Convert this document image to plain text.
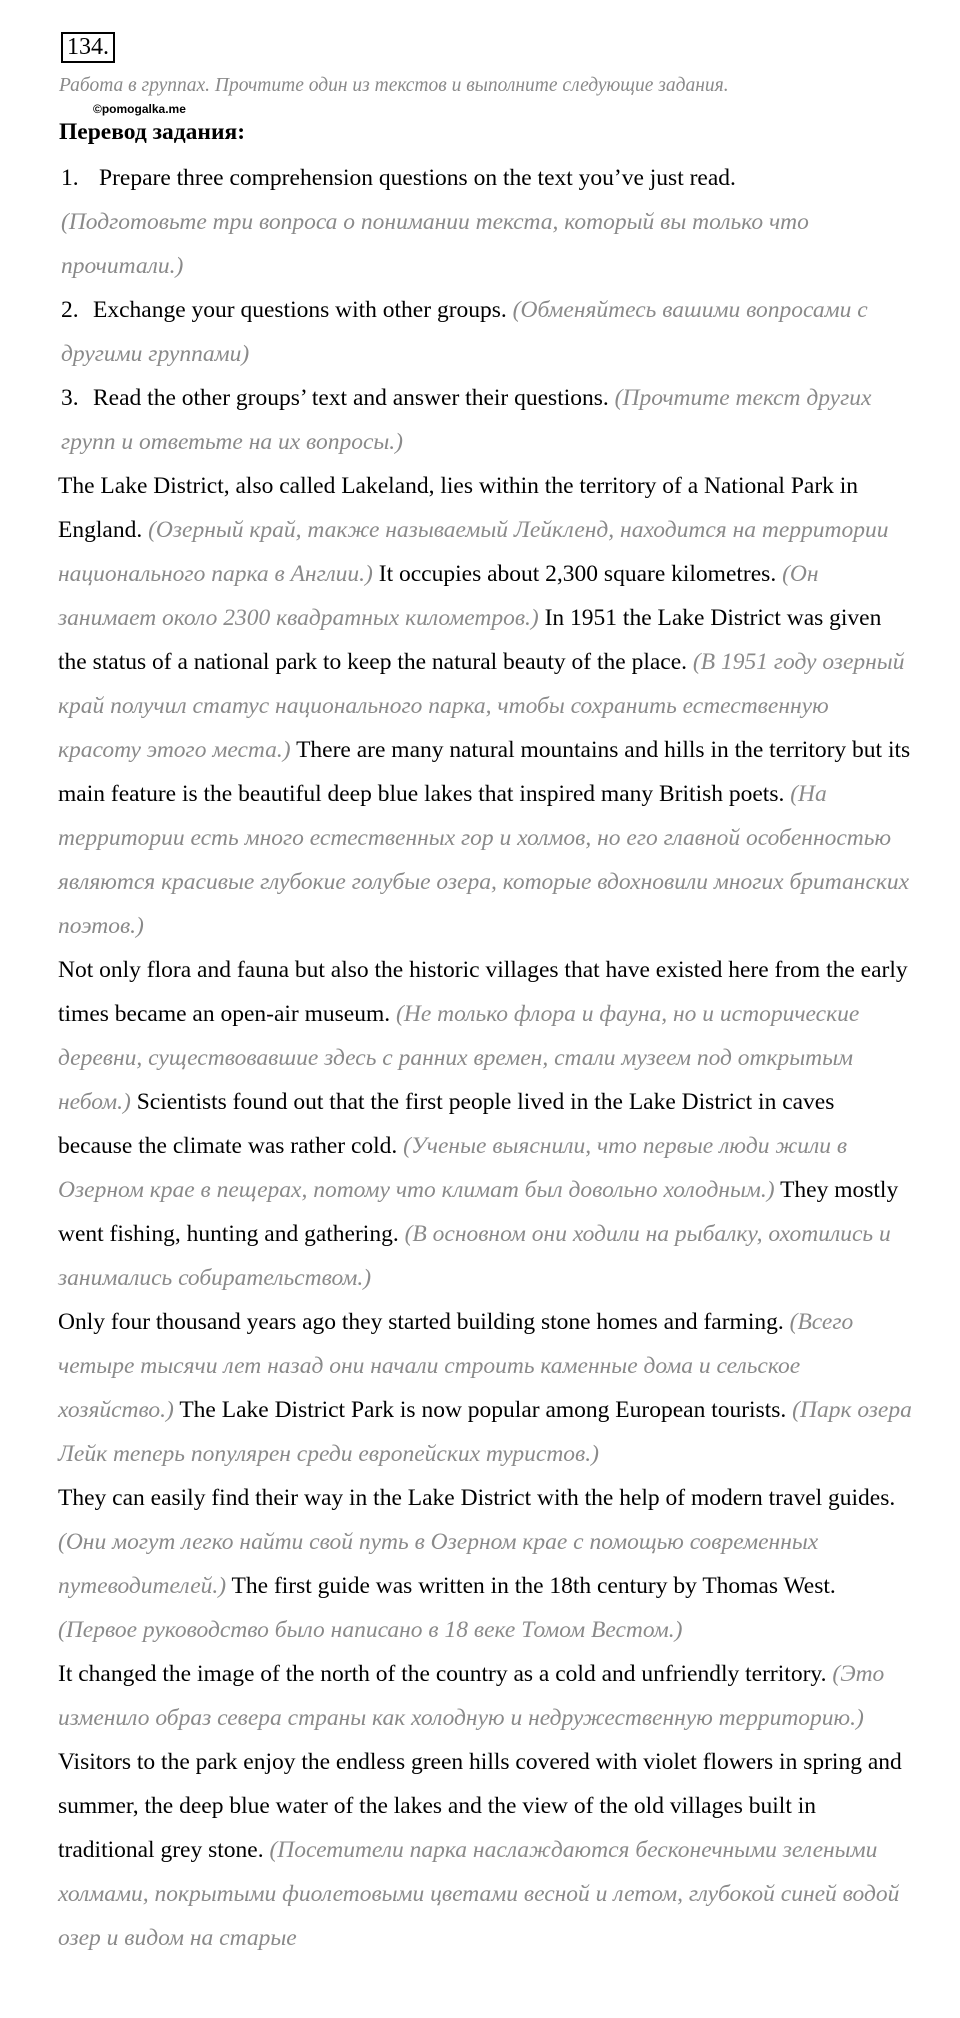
134.
Работа в группах. Прочтите один из текстов и выполните следующие задания.
©pomogalka.me
Перевод задания:

1. Prepare three comprehension questions on the text you’ve just read.
(Подготовьте три вопроса о понимании текста, который вы только что прочитали.)

2. Exchange your questions with other groups. (Обменяйтесь вашими вопросами с другими группами)

3. Read the other groups’ text and answer their questions. (Прочтите текст других групп и ответьте на их вопросы.)

The Lake District, also called Lakeland, lies within the territory of a National Park in England. (Озерный край, также называемый Лейкленд, находится на территории национального парка в Англии.) It occupies about 2,300 square kilometres. (Он занимает около 2300 квадратных километров.) In 1951 the Lake District was given the status of a national park to keep the natural beauty of the place. (В 1951 году озерный край получил статус национального парка, чтобы сохранить естественную красоту этого места.) There are many natural mountains and hills in the territory but its main feature is the beautiful deep blue lakes that inspired many British poets. (На территории есть много естественных гор и холмов, но его главной особенностью являются красивые глубокие голубые озера, которые вдохновили многих британских поэтов.)

Not only flora and fauna but also the historic villages that have existed here from the early times became an open-air museum. (Не только флора и фауна, но и исторические деревни, существовавшие здесь с ранних времен, стали музеем под открытым небом.) Scientists found out that the first people lived in the Lake District in caves because the climate was rather cold. (Ученые выяснили, что первые люди жили в Озерном крае в пещерах, потому что климат был довольно холодным.) They mostly went fishing, hunting and gathering. (В основном они ходили на рыбалку, охотились и занимались собирательством.)

Only four thousand years ago they started building stone homes and farming. (Всего четыре тысячи лет назад они начали строить каменные дома и сельское хозяйство.) The Lake District Park is now popular among European tourists. (Парк озера Лейк теперь популярен среди европейских туристов.)

They can easily find their way in the Lake District with the help of modern travel guides. (Они могут легко найти свой путь в Озерном крае с помощью современных путеводителей.) The first guide was written in the 18th century by Thomas West. (Первое руководство было написано в 18 веке Томом Вестом.)

It changed the image of the north of the country as a cold and unfriendly territory. (Это изменило образ севера страны как холодную и недружественную территорию.) Visitors to the park enjoy the endless green hills covered with violet flowers in spring and summer, the deep blue water of the lakes and the view of the old villages built in traditional grey stone. (Посетители парка наслаждаются бесконечными зелеными холмами, покрытыми фиолетовыми цветами весной и летом, глубокой синей водой озер и видом на старые
